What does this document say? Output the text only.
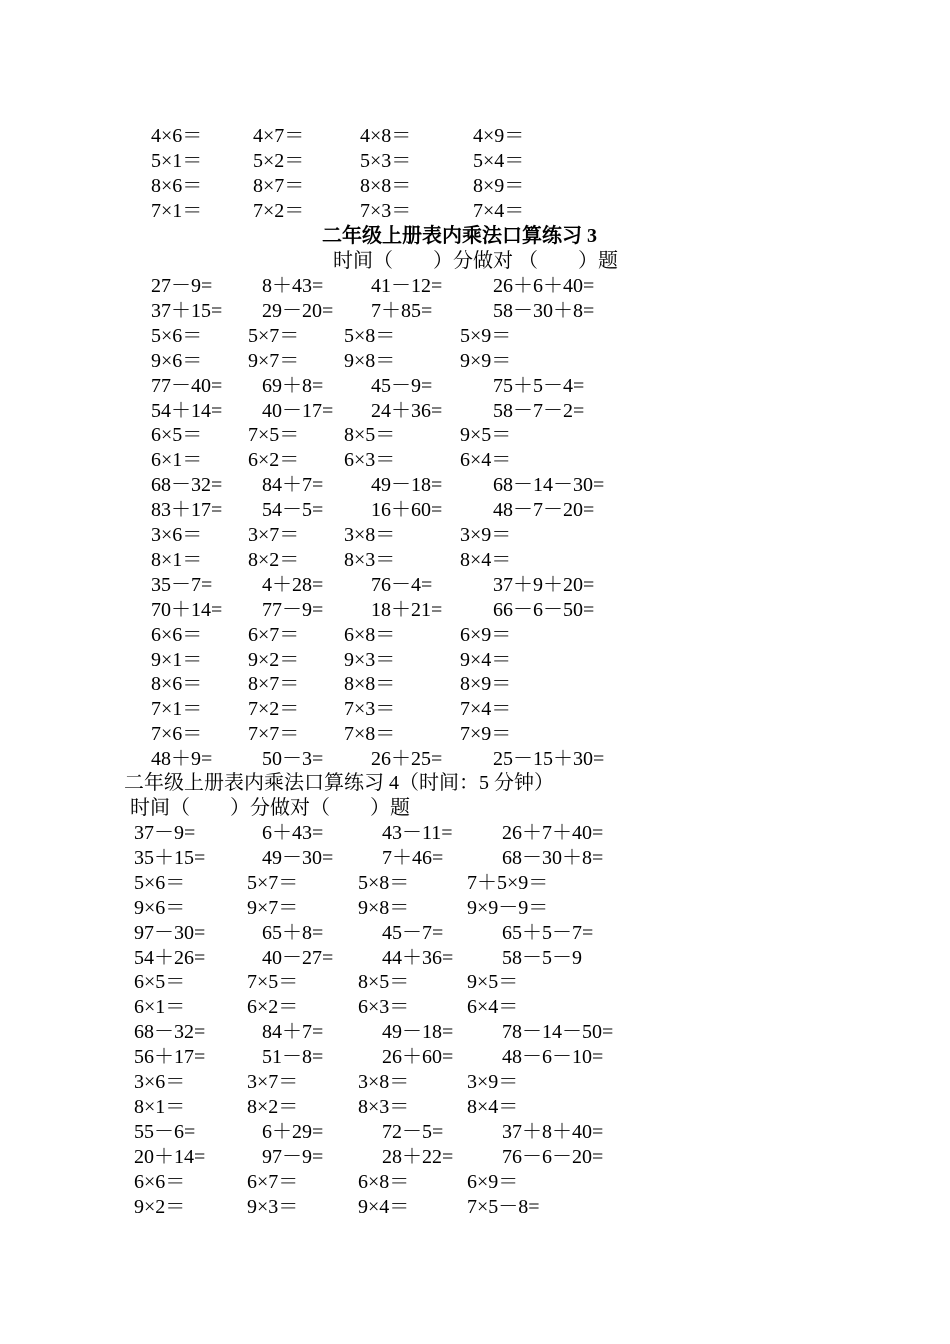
4×6＝	4×7＝	4×8＝	4×9＝
5×1＝	5×2＝	5×3＝	5×4＝
8×6＝	8×7＝	8×8＝	8×9＝
7×1＝	7×2＝	7×3＝	7×4＝
二年级上册表内乘法口算练习 3
时间（　　）分做对 （　　）题
27－9= 8＋43= 41－12=	26＋6＋40=
37＋15= 29－20= 7＋85=	58－30＋8=
5×6＝ 5×7＝ 5×8＝	5×9＝
9×6＝ 9×7＝ 9×8＝	9×9＝
77－40= 69＋8= 45－9=	75＋5－4=
54＋14= 40－17= 24＋36=	58－7－2=
6×5＝ 7×5＝ 8×5＝	9×5＝
6×1＝ 6×2＝ 6×3＝	6×4＝
68－32= 84＋7= 49－18=	68－14－30=
83＋17= 54－5= 16＋60=	48－7－20=
3×6＝ 3×7＝ 3×8＝	3×9＝
8×1＝ 8×2＝ 8×3＝	8×4＝
35－7= 4＋28= 76－4=	37＋9＋20=
70＋14= 77－9= 18＋21=	66－6－50=
6×6＝ 6×7＝ 6×8＝	6×9＝
9×1＝ 9×2＝ 9×3＝	9×4＝
8×6＝ 8×7＝ 8×8＝	8×9＝
7×1＝ 7×2＝ 7×3＝	7×4＝
7×6＝ 7×7＝ 7×8＝	7×9＝
48＋9= 50－3= 26＋25=	25－15＋30=
二年级上册表内乘法口算练习 4（时间：5 分钟）
时间（　　）分做对（　　）题
37－9=	6＋43=	43－11= 26＋7＋40=
35＋15=	49－30= 7＋46=	68－30＋8=
5×6＝	5×7＝	5×8＝	7＋5×9＝
9×6＝	9×7＝	9×8＝	9×9－9＝
97－30=	65＋8=	45－7=	65＋5－7=
54＋26=	40－27= 44＋36= 58－5－9
6×5＝	7×5＝	8×5＝	9×5＝
6×1＝	6×2＝	6×3＝	6×4＝
68－32=	84＋7=	49－18= 78－14－50=
56＋17=	51－8=	26＋60= 48－6－10=
3×6＝	3×7＝	3×8＝	3×9＝
8×1＝	8×2＝	8×3＝	8×4＝
55－6=	6＋29=	72－5=	37＋8＋40=
20＋14=	97－9=	28＋22= 76－6－20=
6×6＝	6×7＝	6×8＝	6×9＝
9×2＝	9×3＝	9×4＝	7×5－8=
